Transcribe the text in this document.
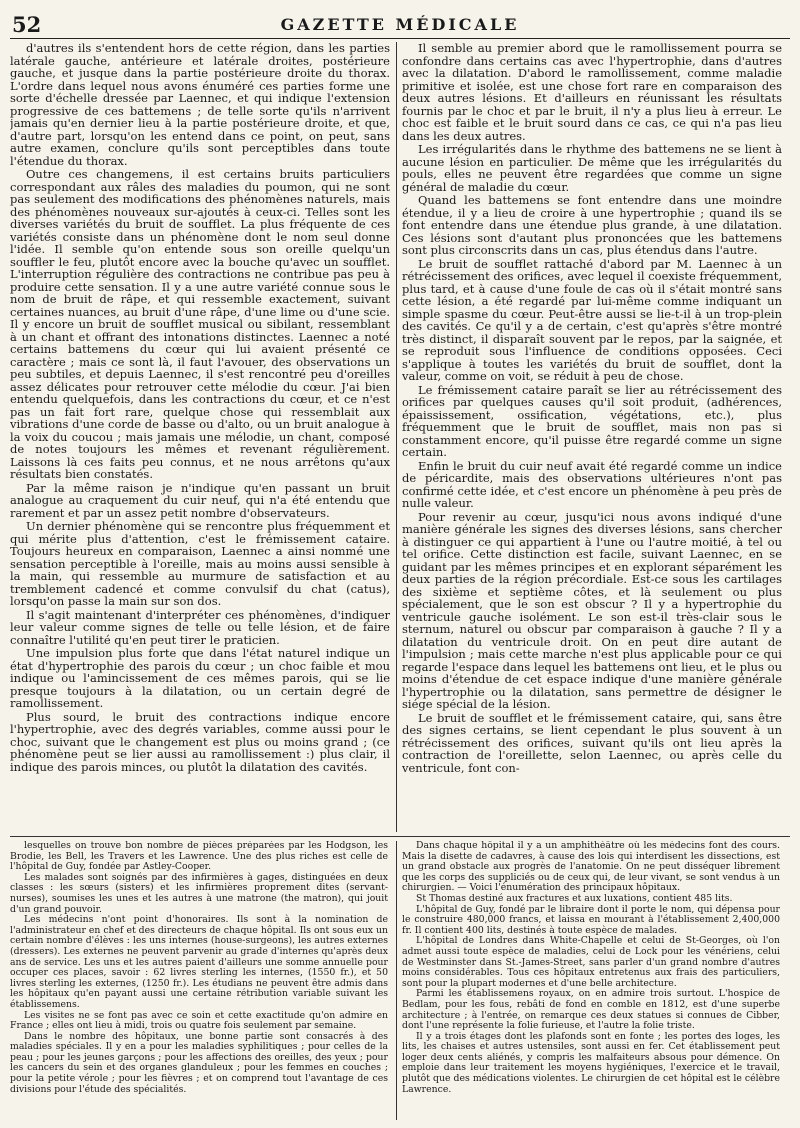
52	GAZETTE MÉDICALE

d'autres ils s'entendent hors de cette région, dans les parties latérale gauche, antérieure et latérale droites, postérieure gauche, et jusque dans la partie postérieure droite du thorax. L'ordre dans lequel nous avons énuméré ces parties forme une sorte d'échelle dressée par Laennec, et qui indique l'extension progressive de ces battemens ; de telle sorte qu'ils n'arrivent jamais qu'en dernier lieu à la partie postérieure droite, et que, d'autre part, lorsqu'on les entend dans ce point, on peut, sans autre examen, conclure qu'ils sont perceptibles dans toute l'étendue du thorax.

Outre ces changemens, il est certains bruits particuliers correspondant aux râles des maladies du poumon, qui ne sont pas seulement des modifications des phénomènes naturels, mais des phénomènes nouveaux sur-ajoutés à ceux-ci. Telles sont les diverses variétés du bruit de soufflet. La plus fréquente de ces variétés consiste dans un phénomène dont le nom seul donne l'idée. Il semble qu'on entende sous son oreille quelqu'un souffler le feu, plutôt encore avec la bouche qu'avec un soufflet. L'interruption régulière des contractions ne contribue pas peu à produire cette sensation. Il y a une autre variété connue sous le nom de bruit de râpe, et qui ressemble exactement, suivant certaines nuances, au bruit d'une râpe, d'une lime ou d'une scie. Il y encore un bruit de soufflet musical ou sibilant, ressemblant à un chant et offrant des intonations distinctes. Laennec a noté certains battemens du cœur qui lui avaient présenté ce caractère ; mais ce sont là, il faut l'avouer, des observations un peu subtiles, et depuis Laennec, il s'est rencontré peu d'oreilles assez délicates pour retrouver cette mélodie du cœur. J'ai bien entendu quelquefois, dans les contractions du cœur, et ce n'est pas un fait fort rare, quelque chose qui ressemblait aux vibrations d'une corde de basse ou d'alto, ou un bruit analogue à la voix du coucou ; mais jamais une mélodie, un chant, composé de notes toujours les mêmes et revenant régulièrement. Laissons là ces faits peu connus, et ne nous arrêtons qu'aux résultats bien constatés.

Par la même raison je n'indique qu'en passant un bruit analogue au craquement du cuir neuf, qui n'a été entendu que rarement et par un assez petit nombre d'observateurs.

Un dernier phénomène qui se rencontre plus fréquemment et qui mérite plus d'attention, c'est le frémissement cataire. Toujours heureux en comparaison, Laennec a ainsi nommé une sensation perceptible à l'oreille, mais au moins aussi sensible à la main, qui ressemble au murmure de satisfaction et au tremblement cadencé et comme convulsif du chat (catus), lorsqu'on passe la main sur son dos.

Il s'agit maintenant d'interpréter ces phénomènes, d'indiquer leur valeur comme signes de telle ou telle lésion, et de faire connaître l'utilité qu'en peut tirer le praticien.

Une impulsion plus forte que dans l'état naturel indique un état d'hypertrophie des parois du cœur ; un choc faible et mou indique ou l'amincissement de ces mêmes parois, qui se lie presque toujours à la dilatation, ou un certain degré de ramollissement.

Plus sourd, le bruit des contractions indique encore l'hypertrophie, avec des degrés variables, comme aussi pour le choc, suivant que le changement est plus ou moins grand ; (ce phénomène peut se lier aussi au ramollissement :) plus clair, il indique des parois minces, ou plutôt la dilatation des cavités.

Il semble au premier abord que le ramollissement pourra se confondre dans certains cas avec l'hypertrophie, dans d'autres avec la dilatation. D'abord le ramollissement, comme maladie primitive et isolée, est une chose fort rare en comparaison des deux autres lésions. Et d'ailleurs en réunissant les résultats fournis par le choc et par le bruit, il n'y a plus lieu à erreur. Le choc est faible et le bruit sourd dans ce cas, ce qui n'a pas lieu dans les deux autres.

Les irrégularités dans le rhythme des battemens ne se lient à aucune lésion en particulier. De même que les irrégularités du pouls, elles ne peuvent être regardées que comme un signe général de maladie du cœur.

Quand les battemens se font entendre dans une moindre étendue, il y a lieu de croire à une hypertrophie ; quand ils se font entendre dans une étendue plus grande, à une dilatation. Ces lésions sont d'autant plus prononcées que les battemens sont plus circonscrits dans un cas, plus étendus dans l'autre.

Le bruit de soufflet rattaché d'abord par M. Laennec à un rétrécissement des orifices, avec lequel il coexiste fréquemment, plus tard, et à cause d'une foule de cas où il s'était montré sans cette lésion, a été regardé par lui-même comme indiquant un simple spasme du cœur. Peut-être aussi se lie-t-il à un trop-plein des cavités. Ce qu'il y a de certain, c'est qu'après s'être montré très distinct, il disparaît souvent par le repos, par la saignée, et se reproduit sous l'influence de conditions opposées. Ceci s'applique à toutes les variétés du bruit de soufflet, dont la valeur, comme on voit, se réduit à peu de chose.

Le frémissement cataire paraît se lier au rétrécissement des orifices par quelques causes qu'il soit produit, (adhérences, épaississement, ossification, végétations, etc.), plus fréquemment que le bruit de soufflet, mais non pas si constamment encore, qu'il puisse être regardé comme un signe certain.

Enfin le bruit du cuir neuf avait été regardé comme un indice de péricardite, mais des observations ultérieures n'ont pas confirmé cette idée, et c'est encore un phénomène à peu près de nulle valeur.

Pour revenir au cœur, jusqu'ici nous avons indiqué d'une manière générale les signes des diverses lésions, sans chercher à distinguer ce qui appartient à l'une ou l'autre moitié, à tel ou tel orifice. Cette distinction est facile, suivant Laennec, en se guidant par les mêmes principes et en explorant séparément les deux parties de la région précordiale. Est-ce sous les cartilages des sixième et septième côtes, et là seulement ou plus spécialement, que le son est obscur ? Il y a hypertrophie du ventricule gauche isolément. Le son est-il très-clair sous le sternum, naturel ou obscur par comparaison à gauche ? Il y a dilatation du ventricule droit. On en peut dire autant de l'impulsion ; mais cette marche n'est plus applicable pour ce qui regarde l'espace dans lequel les battemens ont lieu, et le plus ou moins d'étendue de cet espace indique d'une manière générale l'hypertrophie ou la dilatation, sans permettre de désigner le siége spécial de la lésion.

Le bruit de soufflet et le frémissement cataire, qui, sans être des signes certains, se lient cependant le plus souvent à un rétrécissement des orifices, suivant qu'ils ont lieu après la contraction de l'oreillette, selon Laennec, ou après celle du ventricule, font con-

lesquelles on trouve bon nombre de pièces préparées par les Hodgson, les Brodie, les Bell, les Travers et les Lawrence. Une des plus riches est celle de l'hôpital de Guy, fondée par Astley-Cooper.

Les malades sont soignés par des infirmières à gages, distinguées en deux classes : les sœurs (sisters) et les infirmières proprement dites (servant-nurses), soumises les unes et les autres à une matrone (the matron), qui jouit d'un grand pouvoir.

Les médecins n'ont point d'honoraires. Ils sont à la nomination de l'administrateur en chef et des directeurs de chaque hôpital. Ils ont sous eux un certain nombre d'élèves : les uns internes (house-surgeons), les autres externes (dressers). Les externes ne peuvent parvenir au grade d'internes qu'après deux ans de service. Les uns et les autres paient d'ailleurs une somme annuelle pour occuper ces places, savoir : 62 livres sterling les internes, (1550 fr.), et 50 livres sterling les externes, (1250 fr.). Les étudians ne peuvent être admis dans les hôpitaux qu'en payant aussi une certaine rétribution variable suivant les établissemens.

Les visites ne se font pas avec ce soin et cette exactitude qu'on admire en France ; elles ont lieu à midi, trois ou quatre fois seulement par semaine.

Dans le nombre des hôpitaux, une bonne partie sont consacrés à des maladies spéciales. Il y en a pour les maladies syphilitiques ; pour celles de la peau ; pour les jeunes garçons ; pour les affections des oreilles, des yeux ; pour les cancers du sein et des organes glanduleux ; pour les femmes en couches ; pour la petite vérole ; pour les fièvres ; et on comprend tout l'avantage de ces divisions pour l'étude des spécialités.

Dans chaque hôpital il y a un amphithéâtre où les médecins font des cours. Mais la disette de cadavres, à cause des lois qui interdisent les dissections, est un grand obstacle aux progrès de l'anatomie. On ne peut disséquer librement que les corps des suppliciés ou de ceux qui, de leur vivant, se sont vendus à un chirurgien. — Voici l'énumération des principaux hôpitaux.

St Thomas destiné aux fractures et aux luxations, contient 485 lits.

L'hôpital de Guy, fondé par le libraire dont il porte le nom, qui dépensa pour le construire 480,000 francs, et laissa en mourant à l'établissement 2,400,000 fr. Il contient 400 lits, destinés à toute espèce de malades.

L'hôpital de Londres dans White-Chapelle et celui de St-Georges, où l'on admet aussi toute espèce de maladies, celui de Lock pour les vénériens, celui de Westminster dans St.-James-Street, sans parler d'un grand nombre d'autres moins considérables. Tous ces hôpitaux entretenus aux frais des particuliers, sont pour la plupart modernes et d'une belle architecture.

Parmi les établissemens royaux, on en admire trois surtout. L'hospice de Bedlam, pour les fous, rebâti de fond en comble en 1812, est d'une superbe architecture ; à l'entrée, on remarque ces deux statues si connues de Cibber, dont l'une représente la folie furieuse, et l'autre la folie triste.

Il y a trois étages dont les plafonds sont en fonte ; les portes des loges, les lits, les chaises et autres ustensiles, sont aussi en fer. Cet établissement peut loger deux cents aliénés, y compris les malfaiteurs absous pour démence. On emploie dans leur traitement les moyens hygiéniques, l'exercice et le travail, plutôt que des médications violentes. Le chirurgien de cet hôpital est le célèbre Lawrence.
